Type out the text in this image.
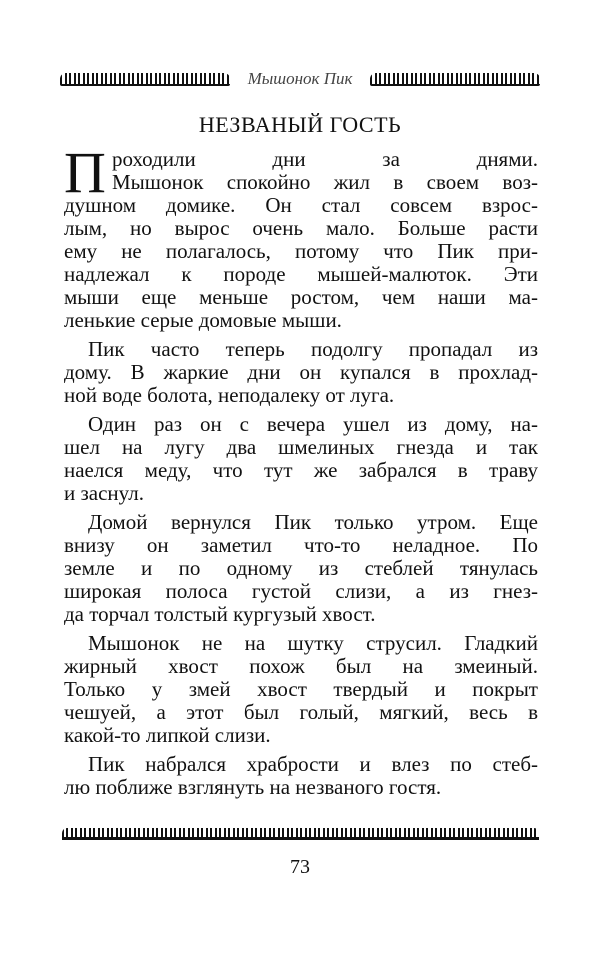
Мышонок Пик
НЕЗВАНЫЙ ГОСТЬ
П роходили дни за днями.
Мышонок спокойно жил в своем воз-
душном домике. Он стал совсем взрос-
лым, но вырос очень мало. Больше расти
ему не полагалось, потому что Пик при-
надлежал к породе мышей-малюток. Эти
мыши еще меньше ростом, чем наши ма-
ленькие серые домовые мыши.
Пик часто теперь подолгу пропадал из
дому. В жаркие дни он купался в прохлад-
ной воде болота, неподалеку от луга.
Один раз он с вечера ушел из дому, на-
шел на лугу два шмелиных гнезда и так
наелся меду, что тут же забрался в траву
и заснул.
Домой вернулся Пик только утром. Еще
внизу он заметил что-то неладное. По
земле и по одному из стеблей тянулась
широкая полоса густой слизи, а из гнез-
да торчал толстый кургузый хвост.
Мышонок не на шутку струсил. Гладкий
жирный хвост похож был на змеиный.
Только у змей хвост твердый и покрыт
чешуей, а этот был голый, мягкий, весь в
какой-то липкой слизи.
Пик набрался храбрости и влез по стеб-
лю поближе взглянуть на незваного гостя.
73
